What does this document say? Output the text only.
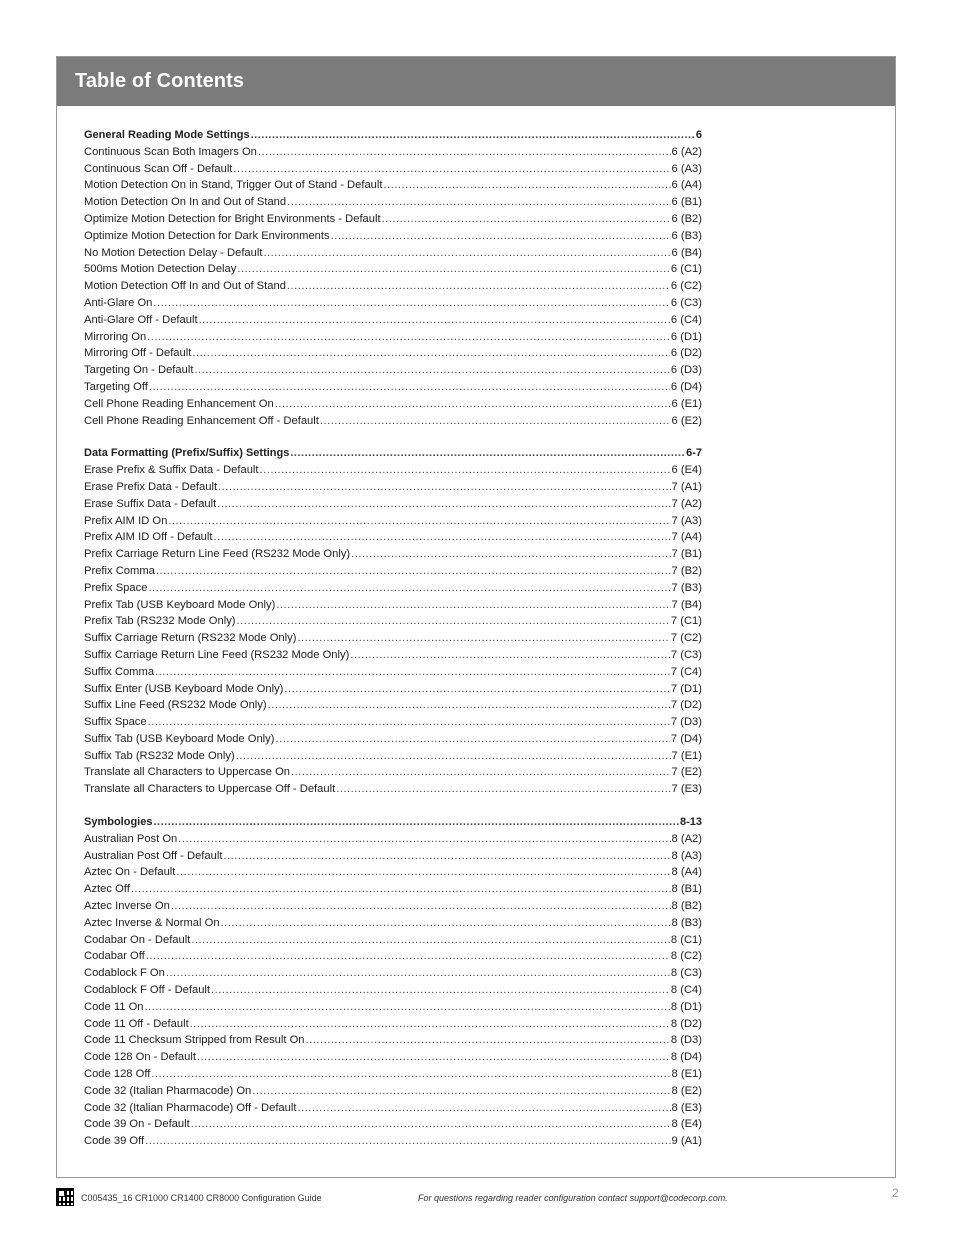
Table of Contents
General Reading Mode Settings .....	6
Continuous Scan Both Imagers On .....	6 (A2)
Continuous Scan Off - Default .....	6 (A3)
Motion Detection On in Stand, Trigger Out of Stand - Default .....	6 (A4)
Motion Detection On In and Out of Stand .....	6 (B1)
Optimize Motion Detection for Bright Environments - Default .....	6 (B2)
Optimize Motion Detection for Dark Environments .....	6 (B3)
No Motion Detection Delay - Default .....	6 (B4)
500ms Motion Detection Delay .....	6 (C1)
Motion Detection Off In and Out of Stand .....	6 (C2)
Anti-Glare On .....	6 (C3)
Anti-Glare Off - Default .....	6 (C4)
Mirroring On .....	6 (D1)
Mirroring Off - Default .....	6 (D2)
Targeting On - Default .....	6 (D3)
Targeting Off .....	6 (D4)
Cell Phone Reading Enhancement On .....	6 (E1)
Cell Phone Reading Enhancement Off - Default .....	6 (E2)
Data Formatting (Prefix/Suffix) Settings .....	6-7
Erase Prefix & Suffix Data - Default .....	6 (E4)
Erase Prefix Data - Default .....	7 (A1)
Erase Suffix Data - Default .....	7 (A2)
Prefix AIM ID On .....	7 (A3)
Prefix AIM ID Off - Default .....	7 (A4)
Prefix Carriage Return Line Feed (RS232 Mode Only) .....	7 (B1)
Prefix Comma .....	7 (B2)
Prefix Space .....	7 (B3)
Prefix Tab (USB Keyboard Mode Only) .....	7 (B4)
Prefix Tab (RS232 Mode Only) .....	7 (C1)
Suffix Carriage Return (RS232 Mode Only) .....	7 (C2)
Suffix Carriage Return Line Feed (RS232 Mode Only) .....	7 (C3)
Suffix Comma .....	7 (C4)
Suffix Enter (USB Keyboard Mode Only) .....	7 (D1)
Suffix Line Feed (RS232 Mode Only) .....	7 (D2)
Suffix Space .....	7 (D3)
Suffix Tab (USB Keyboard Mode Only) .....	7 (D4)
Suffix Tab (RS232 Mode Only) .....	7 (E1)
Translate all Characters to Uppercase On .....	7 (E2)
Translate all Characters to Uppercase Off - Default .....	7 (E3)
Symbologies .....	8-13
Australian Post On .....	8 (A2)
Australian Post Off - Default .....	8 (A3)
Aztec On - Default .....	8 (A4)
Aztec Off .....	8 (B1)
Aztec Inverse On .....	8 (B2)
Aztec Inverse & Normal On .....	8 (B3)
Codabar On - Default .....	8 (C1)
Codabar Off .....	8 (C2)
Codablock F On .....	8 (C3)
Codablock F Off - Default .....	8 (C4)
Code 11 On .....	8 (D1)
Code 11 Off - Default .....	8 (D2)
Code 11 Checksum Stripped from Result On .....	8 (D3)
Code 128 On - Default .....	8 (D4)
Code 128 Off .....	8 (E1)
Code 32 (Italian Pharmacode) On .....	8 (E2)
Code 32 (Italian Pharmacode) Off - Default .....	8 (E3)
Code 39 On - Default .....	8 (E4)
Code 39 Off .....	9 (A1)
C005435_16 CR1000 CR1400 CR8000 Configuration Guide	For questions regarding reader configuration contact support@codecorp.com.	2
